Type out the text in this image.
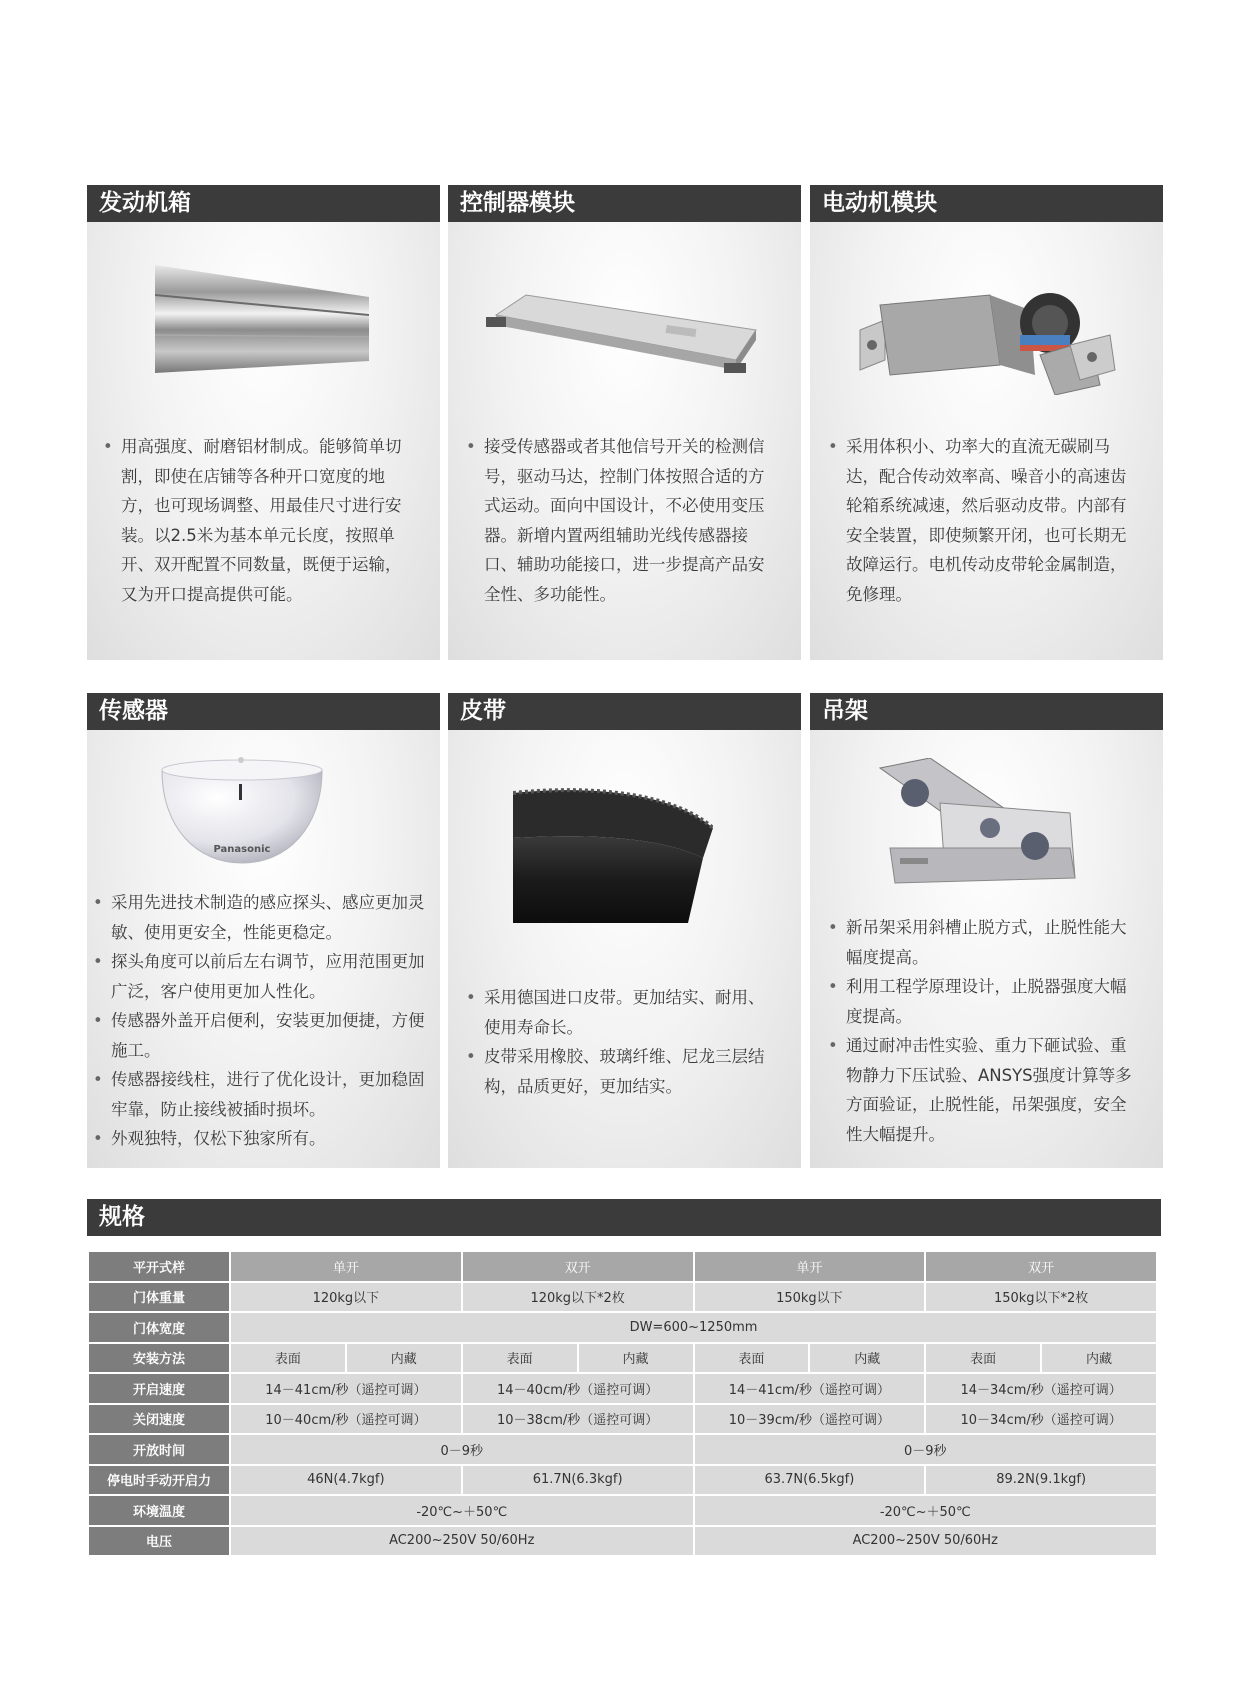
发动机箱
• 用高强度、耐磨铝材制成。能够简单切割，即使在店铺等各种开口宽度的地方，也可现场调整、用最佳尺寸进行安装。以2.5米为基本单元长度，按照单开、双开配置不同数量，既便于运输，又为开口提高提供可能。
控制器模块
• 接受传感器或者其他信号开关的检测信号，驱动马达，控制门体按照合适的方式运动。面向中国设计，不必使用变压器。新增内置两组辅助光线传感器接口、辅助功能接口，进一步提高产品安全性、多功能性。
电动机模块
• 采用体积小、功率大的直流无碳刷马达，配合传动效率高、噪音小的高速齿轮箱系统减速，然后驱动皮带。内部有安全装置，即使频繁开闭，也可长期无故障运行。电机传动皮带轮金属制造，免修理。
传感器
Panasonic
• 采用先进技术制造的感应探头、感应更加灵敏、使用更安全，性能更稳定。
• 探头角度可以前后左右调节，应用范围更加广泛，客户使用更加人性化。
• 传感器外盖开启便利，安装更加便捷，方便施工。
• 传感器接线柱，进行了优化设计，更加稳固牢靠，防止接线被插时损坏。
• 外观独特，仅松下独家所有。
皮带
• 采用德国进口皮带。更加结实、耐用、使用寿命长。
• 皮带采用橡胶、玻璃纤维、尼龙三层结构，品质更好，更加结实。
吊架
• 新吊架采用斜槽止脱方式，止脱性能大幅度提高。
• 利用工程学原理设计，止脱器强度大幅度提高。
• 通过耐冲击性实验、重力下砸试验、重物静力下压试验、ANSYS强度计算等多方面验证，止脱性能，吊架强度，安全性大幅提升。
规格
平开式样	单开		双开		单开		双开	
门体重量	120kg以下		120kg以下*2枚		150kg以下		150kg以下*2枚	
门体宽度	DW=600~1250mm							
安装方法	表面	内藏	表面	内藏	表面	内藏	表面	内藏
开启速度	14－41cm/秒（遥控可调）		14－40cm/秒（遥控可调）		14－41cm/秒（遥控可调）		14－34cm/秒（遥控可调）	
关闭速度	10－40cm/秒（遥控可调）		10－38cm/秒（遥控可调）		10－39cm/秒（遥控可调）		10－34cm/秒（遥控可调）	
开放时间	0－9秒				0－9秒			
停电时手动开启力	46N(4.7kgf)		61.7N(6.3kgf)		63.7N(6.5kgf)		89.2N(9.1kgf)	
环境温度	-20℃~＋50℃				-20℃~＋50℃			
电压	AC200~250V 50/60Hz				AC200~250V 50/60Hz			
